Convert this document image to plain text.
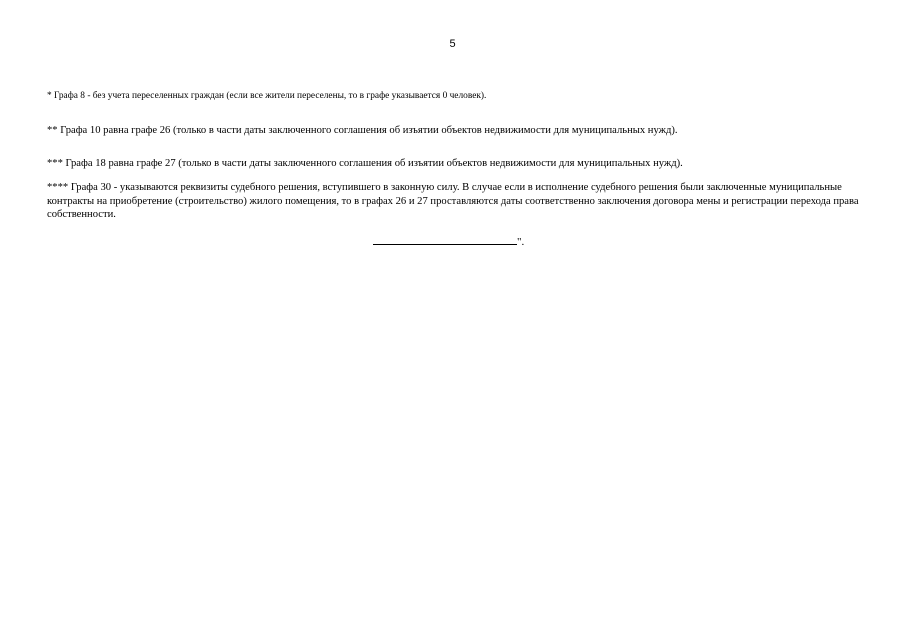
5
* Графа 8 - без учета переселенных граждан (если все жители переселены, то в графе указывается 0 человек).
** Графа 10 равна графе 26 (только в части даты заключенного соглашения об изъятии объектов недвижимости для муниципальных нужд).
*** Графа 18 равна графе 27 (только в части даты заключенного соглашения об изъятии объектов недвижимости для муниципальных нужд).
**** Графа 30 - указываются реквизиты судебного решения, вступившего в законную силу. В случае если в исполнение судебного решения были заключенные муниципальные контракты на приобретение (строительство) жилого помещения, то в графах 26 и 27 проставляются даты соответственно заключения договора мены и регистрации перехода права собственности.
".
